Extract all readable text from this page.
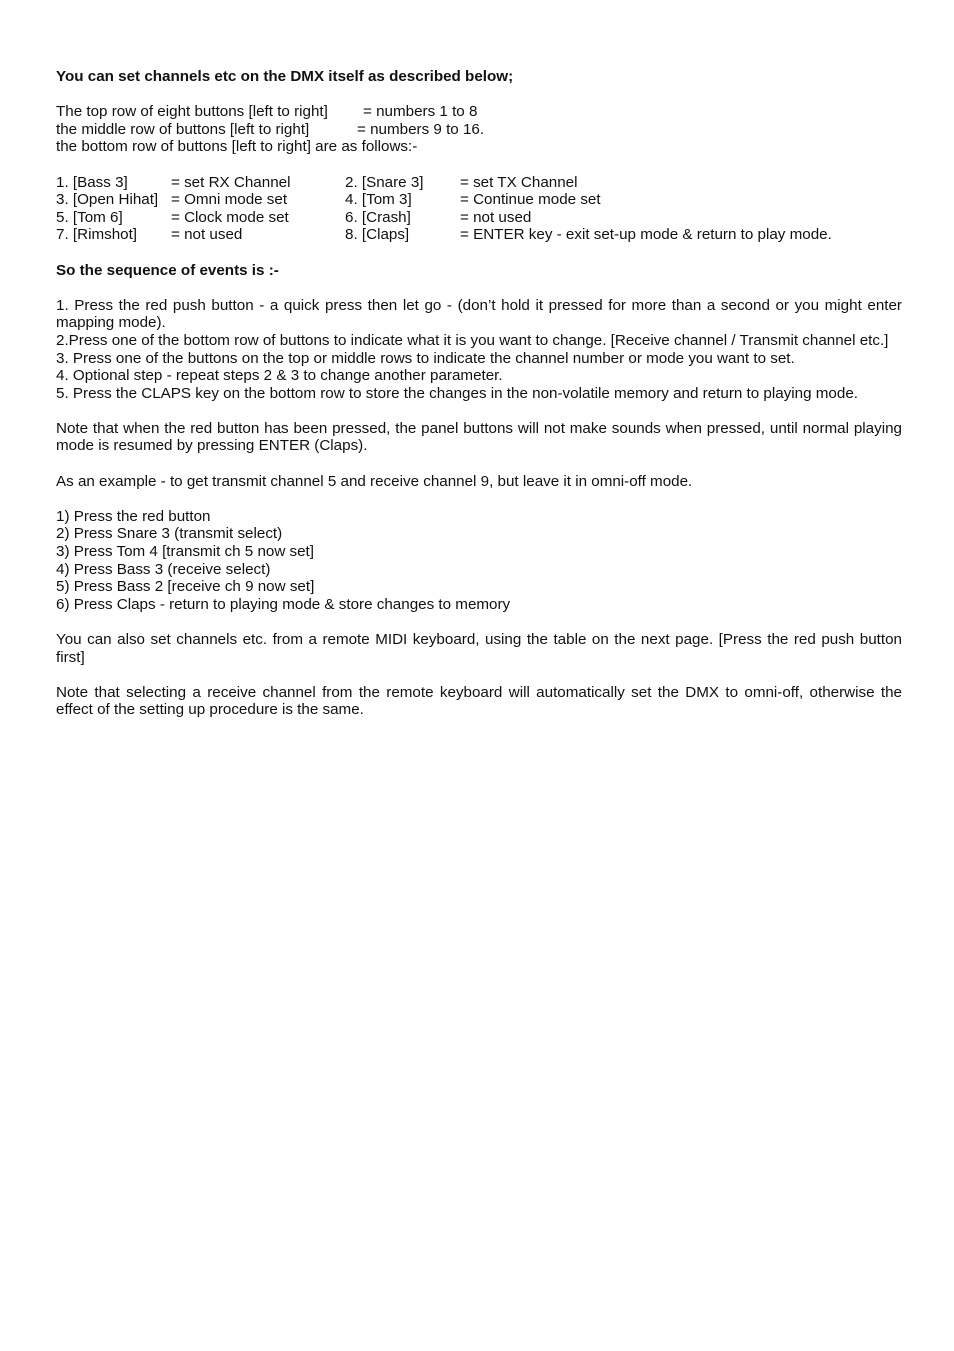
You can set channels etc on the DMX itself as described below;
The top row of eight buttons [left to right] = numbers 1 to 8
the middle row of buttons [left to right]	= numbers 9 to 16.
the bottom row of buttons [left to right] are as follows:-
1. [Bass 3]	= set RX Channel	2. [Snare 3] = set TX Channel
3. [Open Hihat] = Omni mode set	4. [Tom 3]	= Continue mode set
5. [Tom 6]	= Clock mode set	6. [Crash]	= not used
7. [Rimshot] = not used	8. [Claps]	= ENTER key - exit set-up mode & return to play mode.
So the sequence of events is :-

1. Press the red push button - a quick press then let go - (don’t hold it pressed for more than a second or you might enter mapping mode).

2.Press one of the bottom row of buttons to indicate what it is you want to change. [Receive channel / Transmit channel etc.]

3. Press one of the buttons on the top or middle rows to indicate the channel number or mode you want to set.

4. Optional step - repeat steps 2 & 3 to change another parameter.

5. Press the CLAPS key on the bottom row to store the changes in the non-volatile memory and return to playing mode.

Note that when the red button has been pressed, the panel buttons will not make sounds when pressed, until normal playing mode is resumed by pressing ENTER (Claps).

As an example - to get transmit channel 5 and receive channel 9, but leave it in omni-off mode.
1) Press the red button
2) Press Snare 3 (transmit select)
3) Press Tom 4 [transmit ch 5 now set]
4) Press Bass 3 (receive select)
5) Press Bass 2 [receive ch 9 now set]
6) Press Claps - return to playing mode & store changes to memory

You can also set channels etc. from a remote MIDI keyboard, using the table on the next page. [Press the red push button first]

Note that selecting a receive channel from the remote keyboard will automatically set the DMX to omni-off, otherwise the effect of the setting up procedure is the same.
